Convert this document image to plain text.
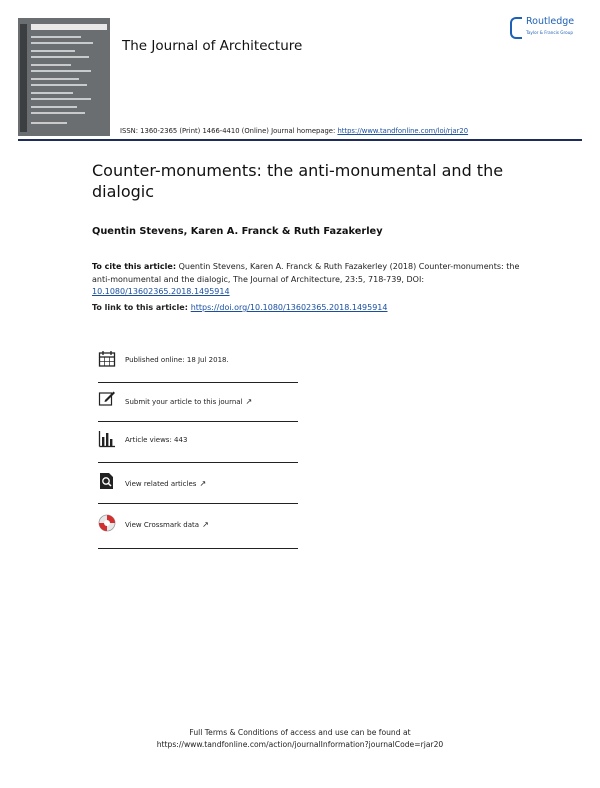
The Journal of Architecture
Routledge
Taylor & Francis Group
ISSN: 1360-2365 (Print) 1466-4410 (Online) Journal homepage: https://www.tandfonline.com/loi/rjar20
Counter-monuments: the anti-monumental and the dialogic
Quentin Stevens, Karen A. Franck & Ruth Fazakerley
To cite this article: Quentin Stevens, Karen A. Franck & Ruth Fazakerley (2018) Counter-monuments: the anti-monumental and the dialogic, The Journal of Architecture, 23:5, 718-739, DOI: 10.1080/13602365.2018.1495914
To link to this article: https://doi.org/10.1080/13602365.2018.1495914
Published online: 18 Jul 2018.
Submit your article to this journal ↗
Article views: 443
View related articles ↗
View Crossmark data ↗
Full Terms & Conditions of access and use can be found at
https://www.tandfonline.com/action/journalInformation?journalCode=rjar20
